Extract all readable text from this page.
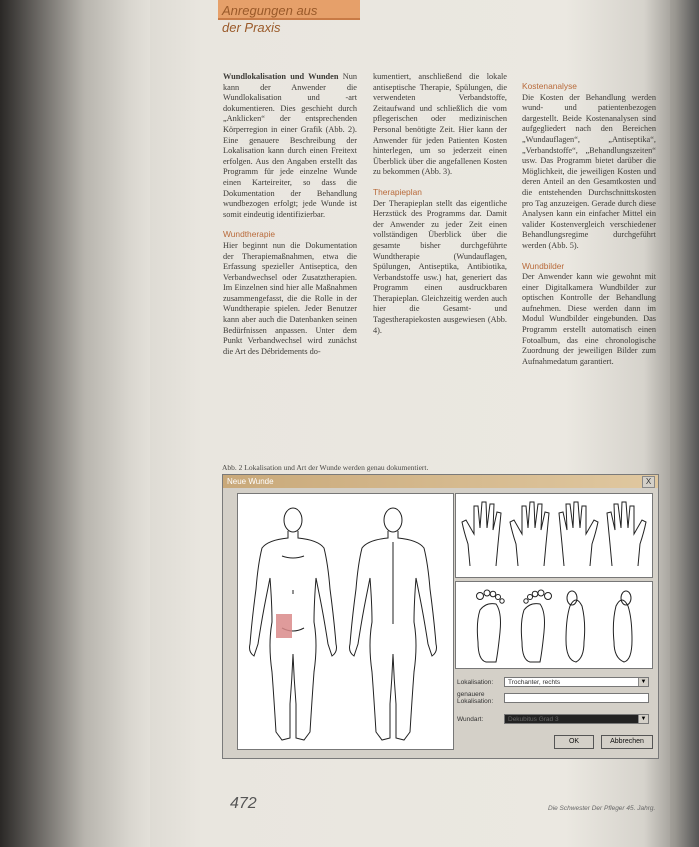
Anregungen aus
der Praxis

Wundlokalisation und Wunden Nun kann der Anwender die Wundlokalisation und -art dokumentieren. Dies geschieht durch „Anklicken“ der entsprechenden Körperregion in einer Grafik (Abb. 2). Eine genauere Beschreibung der Lokalisation kann durch einen Freitext erfolgen. Aus den Angaben erstellt das Programm für jede einzelne Wunde einen Karteireiter, so dass die Dokumentation der Behandlung wundbezogen erfolgt; jede Wunde ist somit eindeutig identifizierbar.

Wundtherapie

Hier beginnt nun die Dokumentation der Therapiemaßnahmen, etwa die Erfassung spezieller Antiseptica, den Verbandwechsel oder Zusatztherapien. Im Einzelnen sind hier alle Maßnahmen zusammengefasst, die die Rolle in der Wundtherapie spielen. Jeder Benutzer kann aber auch die Datenbanken seinen Bedürfnissen anpassen. Unter dem Punkt Verbandwechsel wird zunächst die Art des Débridements do-

kumentiert, anschließend die lokale antiseptische Therapie, Spülungen, die verwendeten Verbandstoffe, Zeitaufwand und schließlich die vom pflegerischen oder medizinischen Personal benötigte Zeit. Hier kann der Anwender für jeden Patienten Kosten hinterlegen, um so jederzeit einen Überblick über die angefallenen Kosten zu bekommen (Abb. 3).

Therapieplan

Der Therapieplan stellt das eigentliche Herzstück des Programms dar. Damit der Anwender zu jeder Zeit einen vollständigen Überblick über die gesamte bisher durchgeführte Wundtherapie (Wundauflagen, Spülungen, Antiseptika, Antibiotika, Verbandstoffe usw.) hat, generiert das Programm einen ausdruckbaren Therapieplan. Gleichzeitig werden auch hier die Gesamt- und Tagestherapiekosten ausgewiesen (Abb. 4).

Kostenanalyse

Die Kosten der Behandlung werden wund- und patientenbezogen dargestellt. Beide Kostenanalysen sind aufgegliedert nach den Bereichen „Wundauflagen“, „Antiseptika“, „Verbandstoffe“, „Behandlungszeiten“ usw. Das Programm bietet darüber die Möglichkeit, die jeweiligen Kosten und deren Anteil an den Gesamtkosten und die entstehenden Durchschnittskosten pro Tag anzuzeigen. Gerade durch diese Analysen kann ein einfacher Mittel ein valider Kostenvergleich verschiedener Behandlungsregime durchgeführt werden (Abb. 5).

Wundbilder

Der Anwender kann wie gewohnt mit einer Digitalkamera Wundbilder zur optischen Kontrolle der Behandlung aufnehmen. Diese werden dann im Modul Wundbilder eingebunden. Das Programm erstellt automatisch einen Fotoalbum, das eine chronologische Zuordnung der jeweiligen Bilder zum Aufnahmedatum garantiert.

Abb. 2 Lokalisation und Art der Wunde werden genau dokumentiert.
Neue Wunde	X
Lokalisation:	Trochanter, rechts	▼
genauere
Lokalisation:
Wundart:	Dekubitus Grad 3	▼
OK	Abbrechen
472	Die Schwester Der Pfleger 45. Jahrg.
